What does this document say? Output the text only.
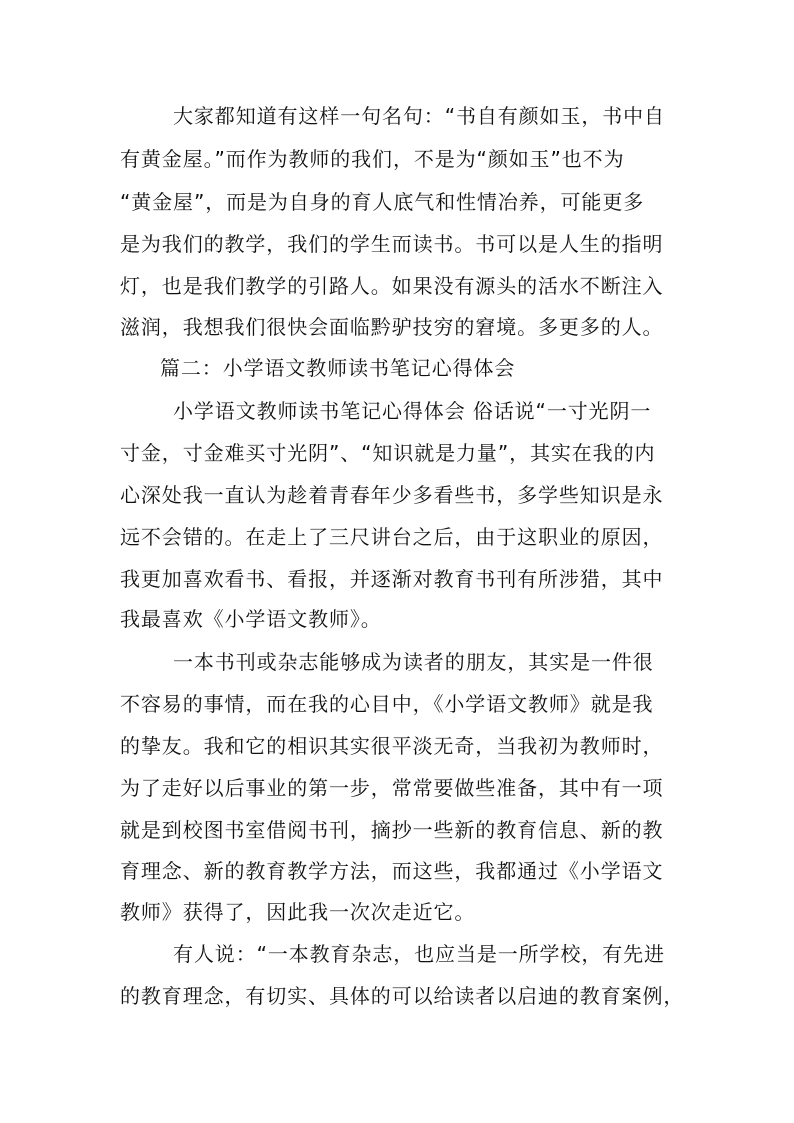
大家都知道有这样一句名句：“书自有颜如玉，书中自
有黄金屋。”而作为教师的我们，不是为“颜如玉”也不为
“黄金屋”，而是为自身的育人底气和性情冶养，可能更多
是为我们的教学，我们的学生而读书。书可以是人生的指明
灯，也是我们教学的引路人。如果没有源头的活水不断注入
滋润，我想我们很快会面临黔驴技穷的窘境。多更多的人。
篇二：小学语文教师读书笔记心得体会
小学语文教师读书笔记心得体会 俗话说“一寸光阴一
寸金，寸金难买寸光阴”、“知识就是力量”，其实在我的内
心深处我一直认为趁着青春年少多看些书，多学些知识是永
远不会错的。在走上了三尺讲台之后，由于这职业的原因，
我更加喜欢看书、看报，并逐渐对教育书刊有所涉猎，其中
我最喜欢《小学语文教师》。
一本书刊或杂志能够成为读者的朋友，其实是一件很
不容易的事情，而在我的心目中，《小学语文教师》就是我
的挚友。我和它的相识其实很平淡无奇，当我初为教师时，
为了走好以后事业的第一步，常常要做些准备，其中有一项
就是到校图书室借阅书刊，摘抄一些新的教育信息、新的教
育理念、新的教育教学方法，而这些，我都通过《小学语文
教师》获得了，因此我一次次走近它。
有人说：“一本教育杂志，也应当是一所学校，有先进
的教育理念，有切实、具体的可以给读者以启迪的教育案例，
